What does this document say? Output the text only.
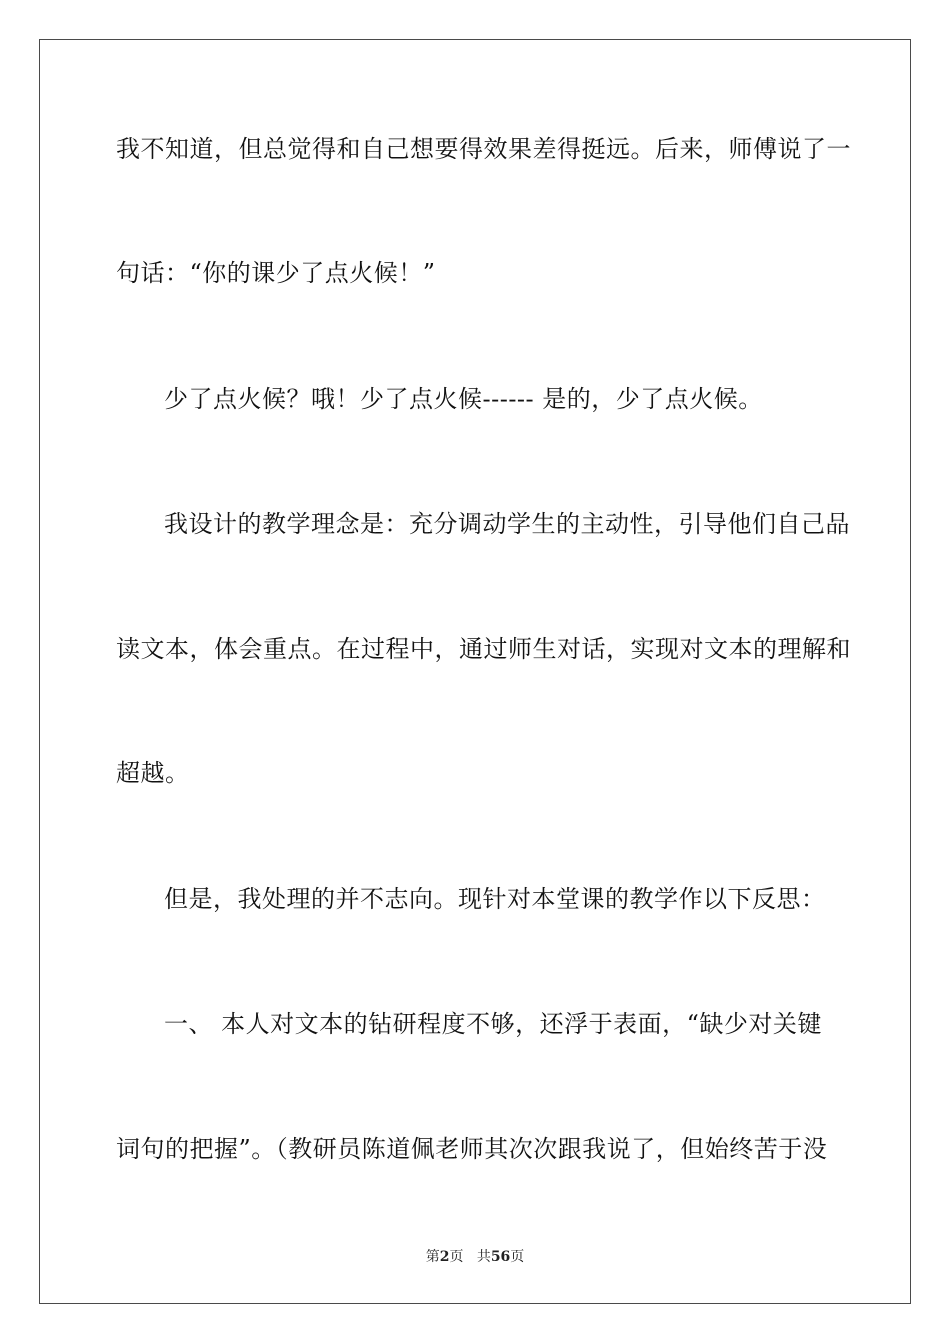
我不知道，但总觉得和自己想要得效果差得挺远。后来，师傅说了一
句话：“你的课少了点火候！”
少了点火候？哦！少了点火候------ 是的，少了点火候。
我设计的教学理念是：充分调动学生的主动性，引导他们自己品
读文本，体会重点。在过程中，通过师生对话，实现对文本的理解和
超越。
但是，我处理的并不志向。现针对本堂课的教学作以下反思：
一、 本人对文本的钻研程度不够，还浮于表面，“缺少对关键
词句的把握”。（教研员陈道佩老师其次次跟我说了，但始终苦于没
第2页 共56页
